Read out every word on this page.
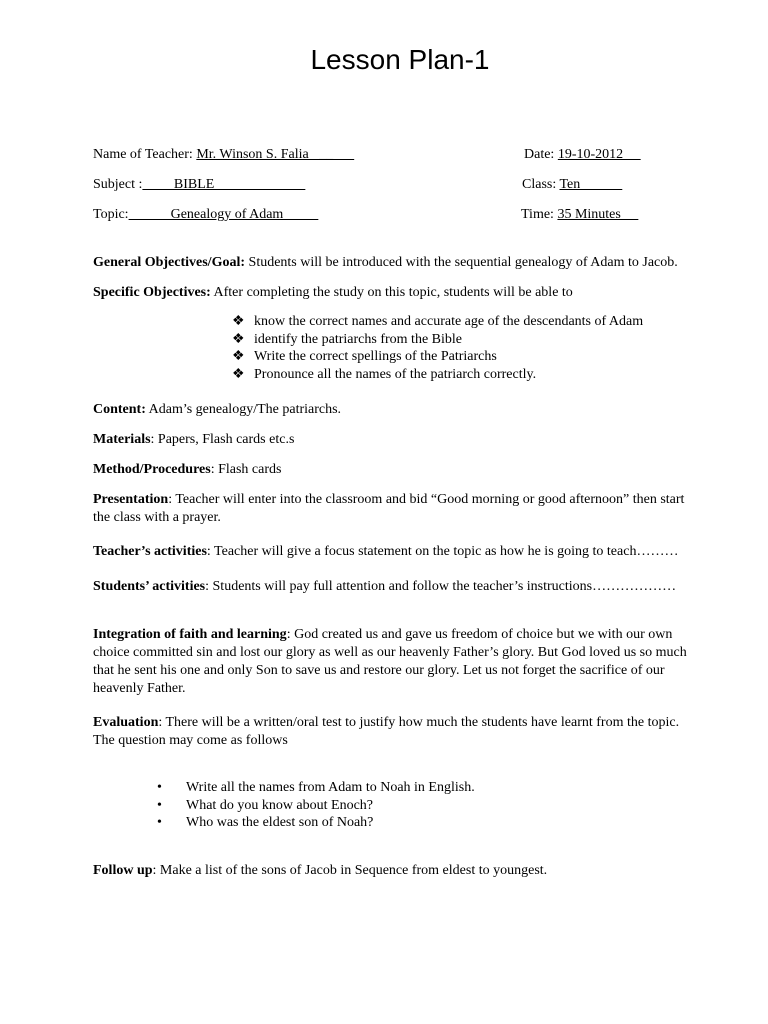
Lesson Plan-1
Name of Teacher: Mr. Winson S. Falia   __	Date: 19-10-2012
Subject :         BIBLE	Class: Ten
Topic:            Genealogy of Adam	Time: 35 Minutes
General Objectives/Goal: Students will be introduced with the sequential genealogy of Adam to Jacob.
Specific Objectives: After completing the study on this topic, students will be able to
❖ know the correct names and accurate age of the descendants of Adam
❖ identify the patriarchs from the Bible
❖ Write the correct spellings of the Patriarchs
❖ Pronounce all the names of the patriarch correctly.
Content: Adam’s genealogy/The patriarchs.
Materials: Papers, Flash cards etc.s
Method/Procedures: Flash cards
Presentation: Teacher will enter into the classroom and bid “Good morning or good afternoon” then start the class with a prayer.
Teacher’s activities: Teacher will give a focus statement on the topic as how he is going to teach………
Students’ activities: Students will pay full attention and follow the teacher’s instructions………………
Integration of faith and learning: God created us and gave us freedom of choice but we with our own choice committed sin and lost our glory as well as our heavenly Father’s glory. But God loved us so much that he sent his one and only Son to save us and restore our glory. Let us not forget the sacrifice of our heavenly Father.
Evaluation: There will be a written/oral test to justify how much the students have learnt from the topic. The question may come as follows
• Write all the names from Adam to Noah in English.
• What do you know about Enoch?
• Who was the eldest son of Noah?
Follow up: Make a list of the sons of Jacob in Sequence from eldest to youngest.
